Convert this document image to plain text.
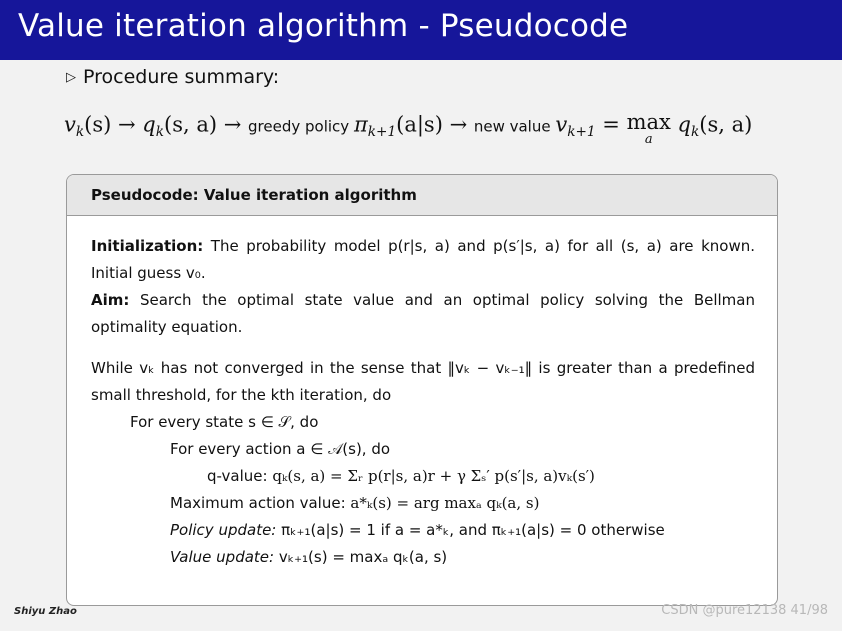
Value iteration algorithm - Pseudocode
▷ Procedure summary:
$v_k(s) \to q_k(s$, a) → greedy policy $\pi_{k+1}(a|s)$ → new value $v_{k+1} = \max$
a
$q_k(s$, a)
Pseudocode: Value iteration algorithm

Initialization: The probability model p(r|s, a) and p(s′|s, a) for all (s, a) are known. Initial guess v₀.

Aim: Search the optimal state value and an optimal policy solving the Bellman optimality equation.

While vₖ has not converged in the sense that ‖vₖ − vₖ₋₁‖ is greater than a predefined small threshold, for the kth iteration, do

For every state s ∈ 𝒮, do

For every action a ∈ 𝒜(s), do

q-value: qₖ(s, a) = Σᵣ p(r|s, a)r + γ Σₛ′ p(s′|s, a)vₖ(s′)

Maximum action value: a*ₖ(s) = arg maxₐ qₖ(a, s)

Policy update: πₖ₊₁(a|s) = 1 if a = a*ₖ, and πₖ₊₁(a|s) = 0 otherwise

Value update: vₖ₊₁(s) = maxₐ qₖ(a, s)

Shiyu Zhao	CSDN @pure12138 41/98
